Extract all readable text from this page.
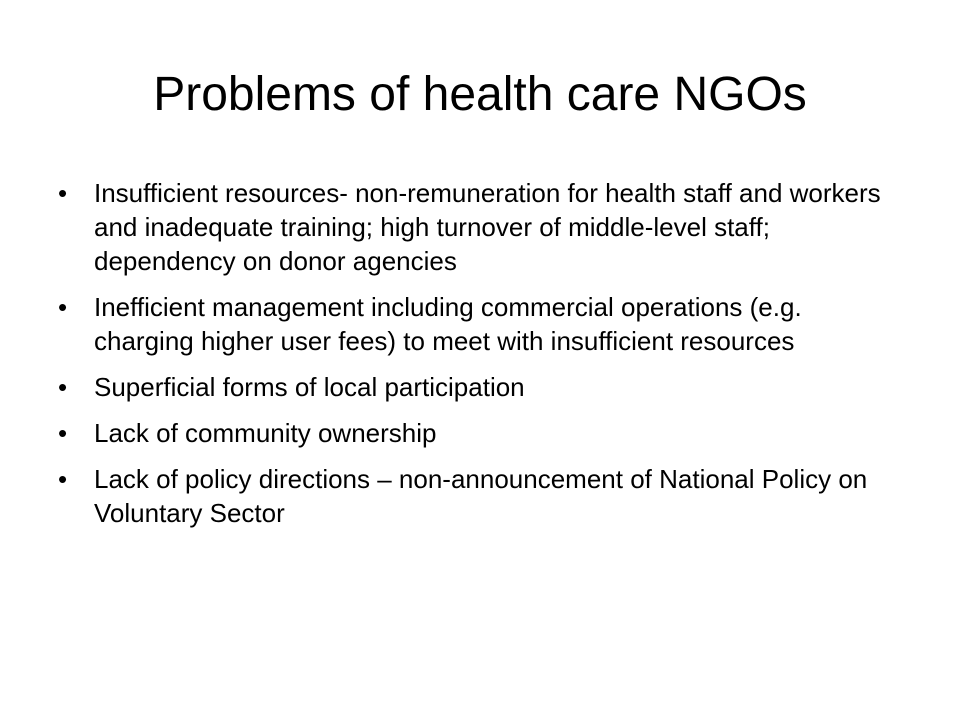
Problems of health care NGOs
•	Insufficient resources- non-remuneration for health staff and workers and inadequate training; high turnover of middle-level staff; dependency on donor agencies
•	Inefficient management including commercial operations (e.g. charging higher user fees) to meet with insufficient resources
•	Superficial forms of local participation
•	Lack of community ownership
•	Lack of policy directions – non-announcement of National Policy on Voluntary Sector
